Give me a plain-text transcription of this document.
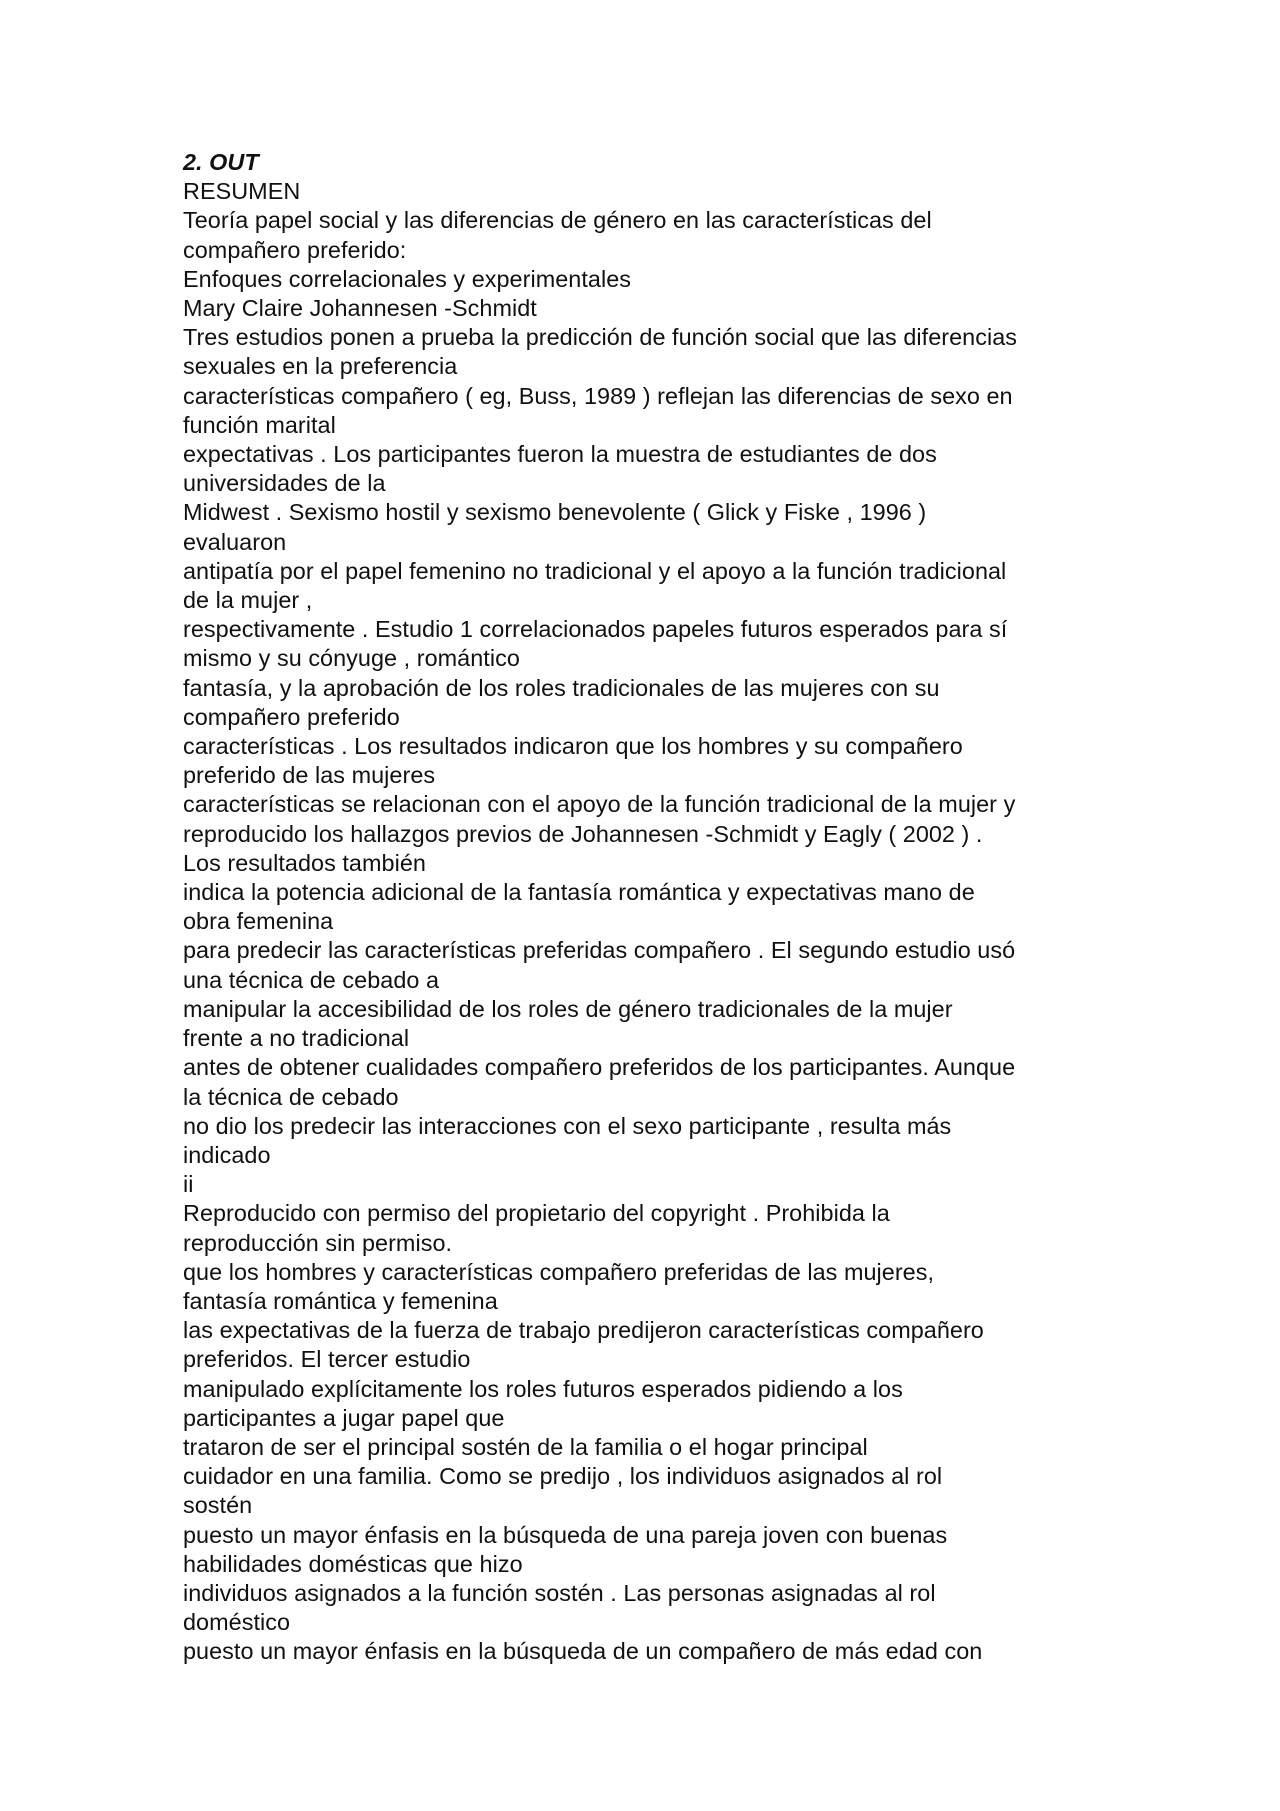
2. OUT
RESUMEN
Teoría papel social y las diferencias de género en las características del
compañero preferido:
Enfoques correlacionales y experimentales
Mary Claire Johannesen -Schmidt
Tres estudios ponen a prueba la predicción de función social que las diferencias
sexuales en la preferencia
características compañero ( eg, Buss, 1989 ) reflejan las diferencias de sexo en
función marital
expectativas . Los participantes fueron la muestra de estudiantes de dos
universidades de la
Midwest . Sexismo hostil y sexismo benevolente ( Glick y Fiske , 1996 )
evaluaron
antipatía por el papel femenino no tradicional y el apoyo a la función tradicional
de la mujer ,
respectivamente . Estudio 1 correlacionados papeles futuros esperados para sí
mismo y su cónyuge , romántico
fantasía, y la aprobación de los roles tradicionales de las mujeres con su
compañero preferido
características . Los resultados indicaron que los hombres y su compañero
preferido de las mujeres
características se relacionan con el apoyo de la función tradicional de la mujer y
reproducido los hallazgos previos de Johannesen -Schmidt y Eagly ( 2002 ) .
Los resultados también
indica la potencia adicional de la fantasía romántica y expectativas mano de
obra femenina
para predecir las características preferidas compañero . El segundo estudio usó
una técnica de cebado a
manipular la accesibilidad de los roles de género tradicionales de la mujer
frente a no tradicional
antes de obtener cualidades compañero preferidos de los participantes. Aunque
la técnica de cebado
no dio los predecir las interacciones con el sexo participante , resulta más
indicado
ii
Reproducido con permiso del propietario del copyright . Prohibida la
reproducción sin permiso.
que los hombres y características compañero preferidas de las mujeres,
fantasía romántica y femenina
las expectativas de la fuerza de trabajo predijeron características compañero
preferidos. El tercer estudio
manipulado explícitamente los roles futuros esperados pidiendo a los
participantes a jugar papel que
trataron de ser el principal sostén de la familia o el hogar principal
cuidador en una familia. Como se predijo , los individuos asignados al rol
sostén
puesto un mayor énfasis en la búsqueda de una pareja joven con buenas
habilidades domésticas que hizo
individuos asignados a la función sostén . Las personas asignadas al rol
doméstico
puesto un mayor énfasis en la búsqueda de un compañero de más edad con
